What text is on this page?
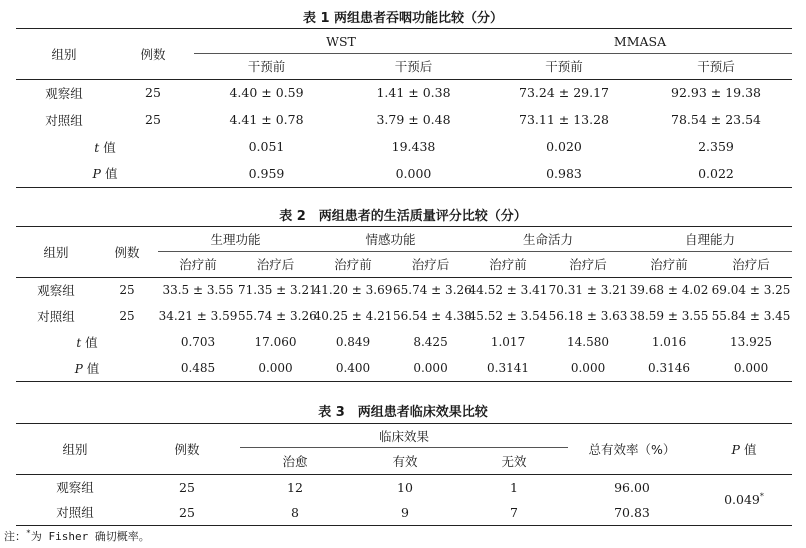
表 1 两组患者吞咽功能比较（分）
组别	例数	WST		MMASA	
		干预前	干预后	干预前	干预后

观察组	25	4.40 ± 0.59	1.41 ± 0.38	73.24 ± 29.17	92.93 ± 19.38
对照组	25	4.41 ± 0.78	3.79 ± 0.48	73.11 ± 13.28	78.54 ± 23.54
t 值		0.051	19.438	0.020	2.359
P 值		0.959	0.000	0.983	0.022
表 2　两组患者的生活质量评分比较（分）
组别	例数	生理功能		情感功能		生命活力		自理能力	
		治疗前	治疗后	治疗前	治疗后	治疗前	治疗后	治疗前	治疗后

观察组	25	33.5 ± 3.55	71.35 ± 3.21	41.20 ± 3.69	65.74 ± 3.26	44.52 ± 3.41	70.31 ± 3.21	39.68 ± 4.02	69.04 ± 3.25
对照组	25	34.21 ± 3.59	55.74 ± 3.26	40.25 ± 4.21	56.54 ± 4.38	45.52 ± 3.54	56.18 ± 3.63	38.59 ± 3.55	55.84 ± 3.45
t 值		0.703	17.060	0.849	8.425	1.017	14.580	1.016	13.925
P 值		0.485	0.000	0.400	0.000	0.3141	0.000	0.3146	0.000
表 3　两组患者临床效果比较
组别	例数	临床效果			总有效率（%）	P 值
		治愈	有效	无效		

观察组	25	12	10	1	96.00	0.049*
对照组	25	8	9	7	70.83	
注：*为 Fisher 确切概率。
